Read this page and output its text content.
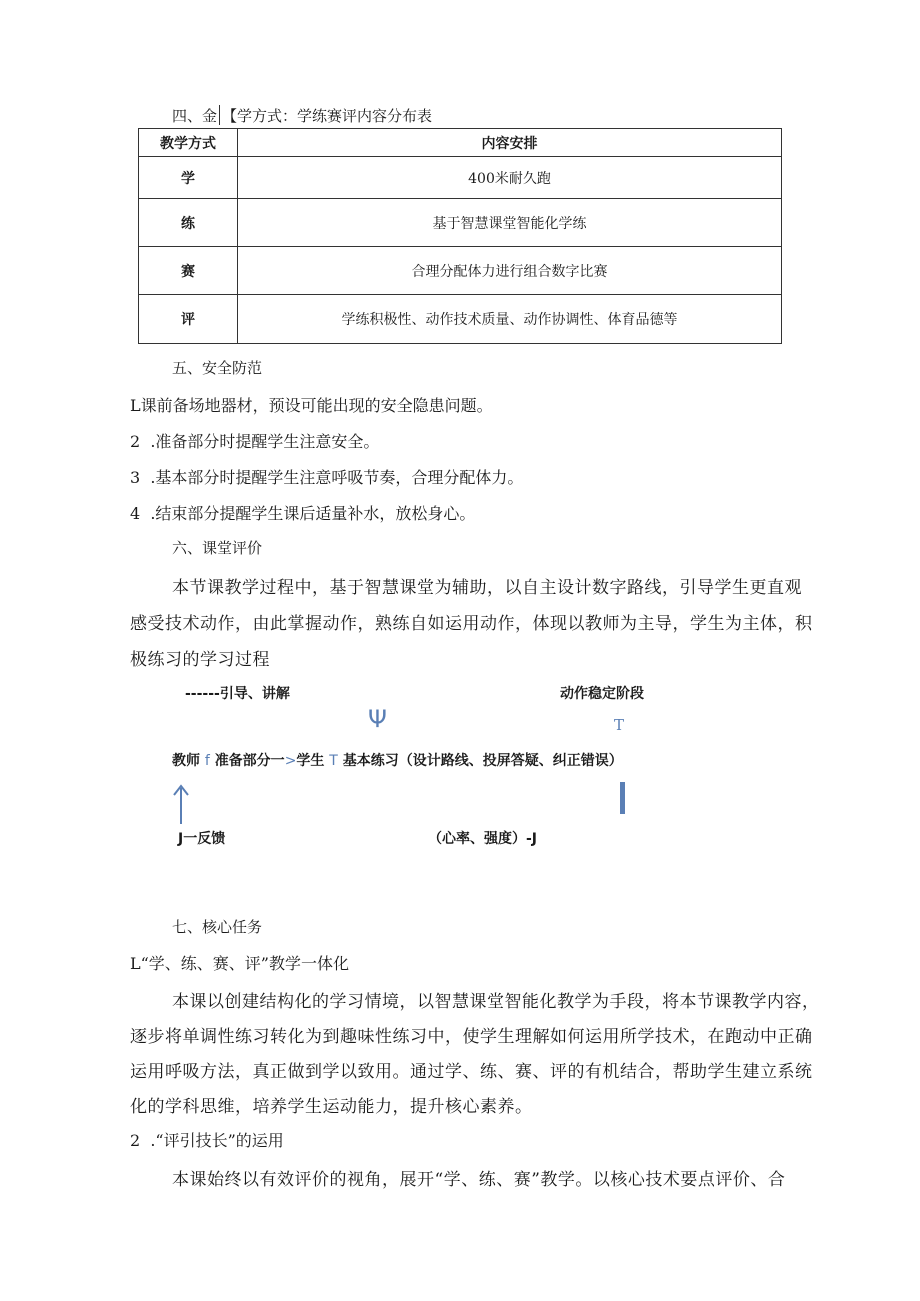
四、金 【学方式：学练赛评内容分布表
教学方式	内容安排
学	400米耐久跑
练	基于智慧课堂智能化学练
赛	合理分配体力进行组合数字比赛
评	学练积极性、动作技术质量、动作协调性、体育品德等
五、安全防范
L课前备场地器材，预设可能出现的安全隐患问题。
2	.准备部分时提醒学生注意安全。
3	.基本部分时提醒学生注意呼吸节奏，合理分配体力。
4	.结束部分提醒学生课后适量补水，放松身心。
六、课堂评价
本节课教学过程中，基于智慧课堂为辅助，以自主设计数字路线，引导学生更直观
感受技术动作，由此掌握动作，熟练自如运用动作，体现以教师为主导，学生为主体，积
极练习的学习过程
------引导、讲解	动作稳定阶段
Ψ	T
教师 f 准备部分一>学生 T 基本练习（设计路线、投屏答疑、纠正错误）
J一反馈	（心率、强度）-J
七、核心任务
L“学、练、赛、评”教学一体化
本课以创建结构化的学习情境，以智慧课堂智能化教学为手段，将本节课教学内容，
逐步将单调性练习转化为到趣味性练习中，使学生理解如何运用所学技术，在跑动中正确
运用呼吸方法，真正做到学以致用。通过学、练、赛、评的有机结合，帮助学生建立系统
化的学科思维，培养学生运动能力，提升核心素养。
2	.“评引技长”的运用
本课始终以有效评价的视角，展开“学、练、赛”教学。以核心技术要点评价、合
